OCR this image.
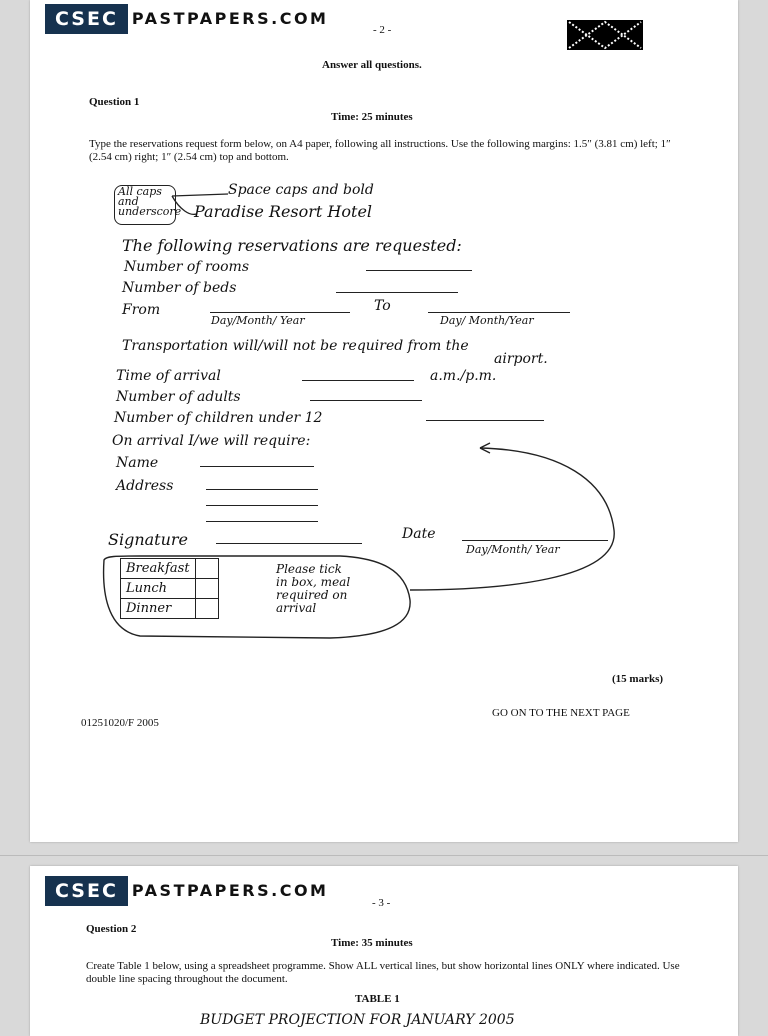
CSEC PASTPAPERS.COM
- 2 -
Answer all questions.
Question 1
Time: 25 minutes
Type the reservations request form below, on A4 paper, following all instructions. Use the following margins: 1.5″ (3.81 cm) left; 1″ (2.54 cm) right; 1″ (2.54 cm) top and bottom.
All caps and underscore
Space caps and bold
Paradise Resort Hotel
The following reservations are requested:
Number of rooms
Number of beds
From
Day/Month/ Year
To
Day/ Month/Year
Transportation will/will not be required from the
airport.
Time of arrival	a.m./p.m.
Number of adults
Number of children under 12
On arrival I/we will require:
Name
Address
Signature	Date
Day/Month/ Year
Breakfast	
Lunch	
Dinner	
Please tick
in box, meal
required on
arrival
(15 marks)
GO ON TO THE NEXT PAGE
01251020/F 2005
CSEC PASTPAPERS.COM
- 3 -
Question 2
Time: 35 minutes
Create Table 1 below, using a spreadsheet programme. Show ALL vertical lines, but show horizontal lines ONLY where indicated. Use double line spacing throughout the document.
TABLE 1
BUDGET PROJECTION FOR JANUARY 2005
